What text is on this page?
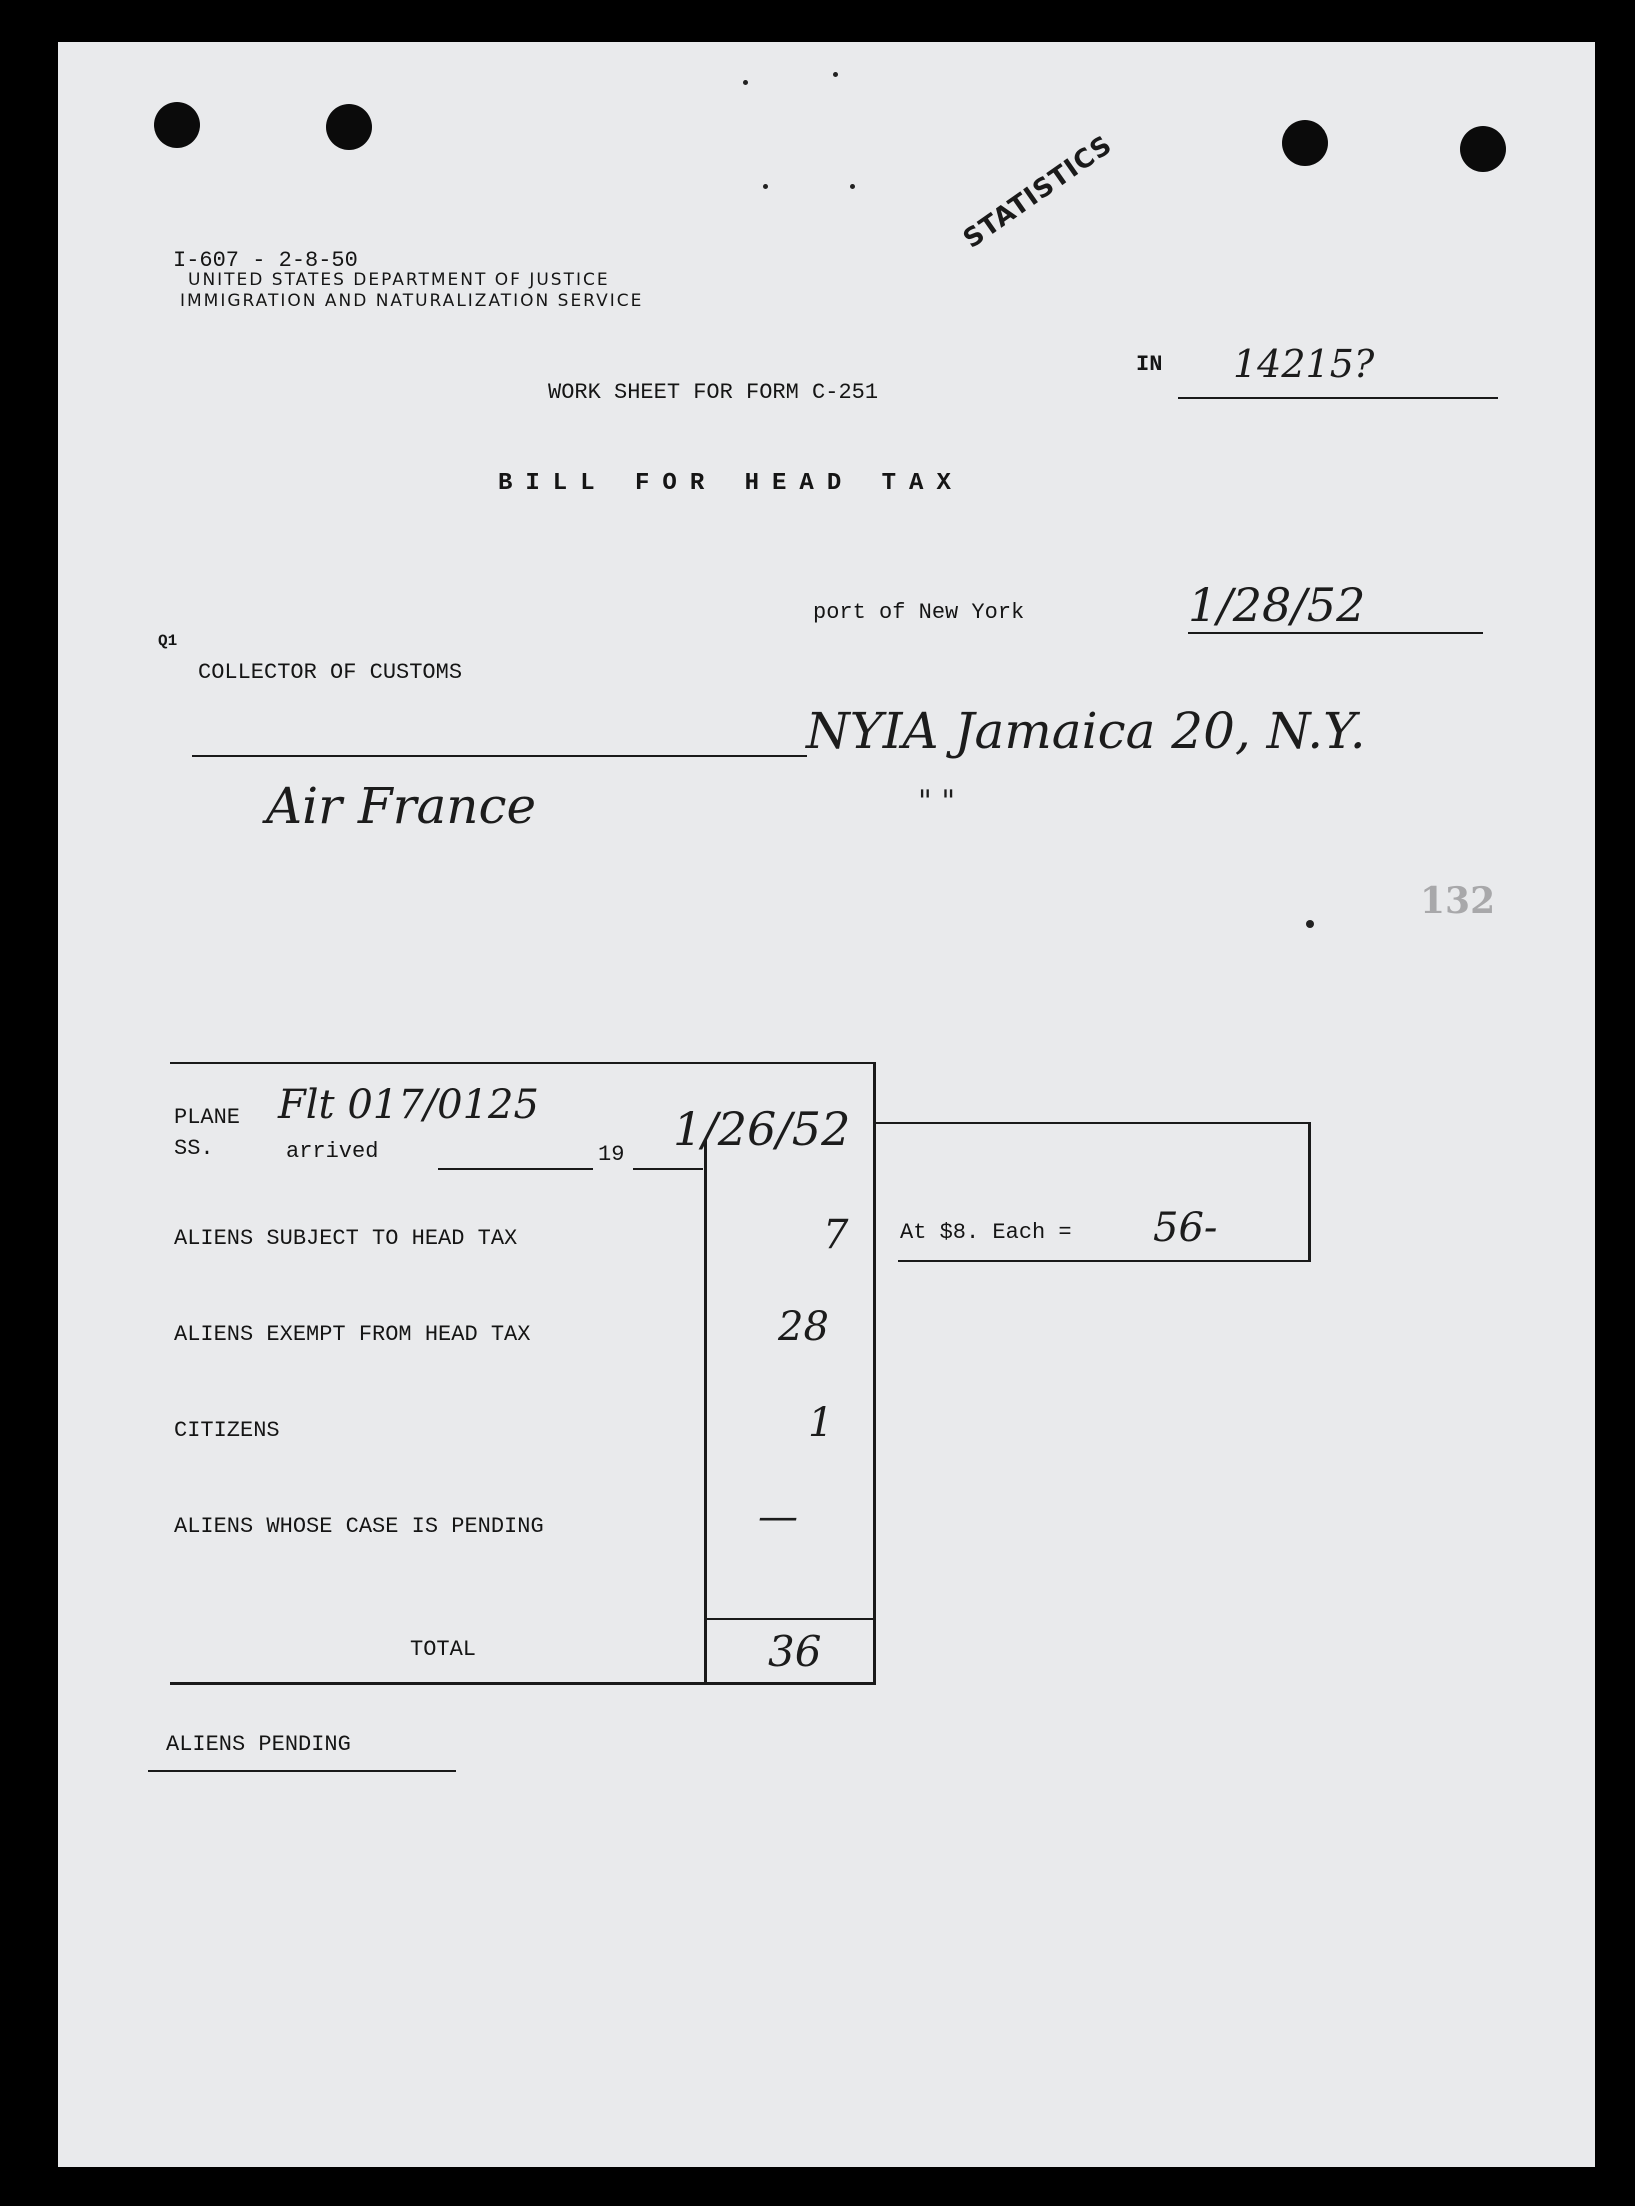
I-607 - 2-8-50
UNITED STATES DEPARTMENT OF JUSTICE
IMMIGRATION AND NATURALIZATION SERVICE
STATISTICS
IN 14215?
WORK SHEET FOR FORM C-251
BILL FOR HEAD TAX
port of New York	1/28/52
Q1
COLLECTOR OF CUSTOMS
NYIA Jamaica 20, N.Y.
Air France	" "
132
PLANE
SS.	arrived	19
Flt 017/0125	1/26/52
ALIENS SUBJECT TO HEAD TAX	7
ALIENS EXEMPT FROM HEAD TAX	28
CITIZENS	1
ALIENS WHOSE CASE IS PENDING	—
TOTAL	36
At $8. Each = 56-
ALIENS PENDING
